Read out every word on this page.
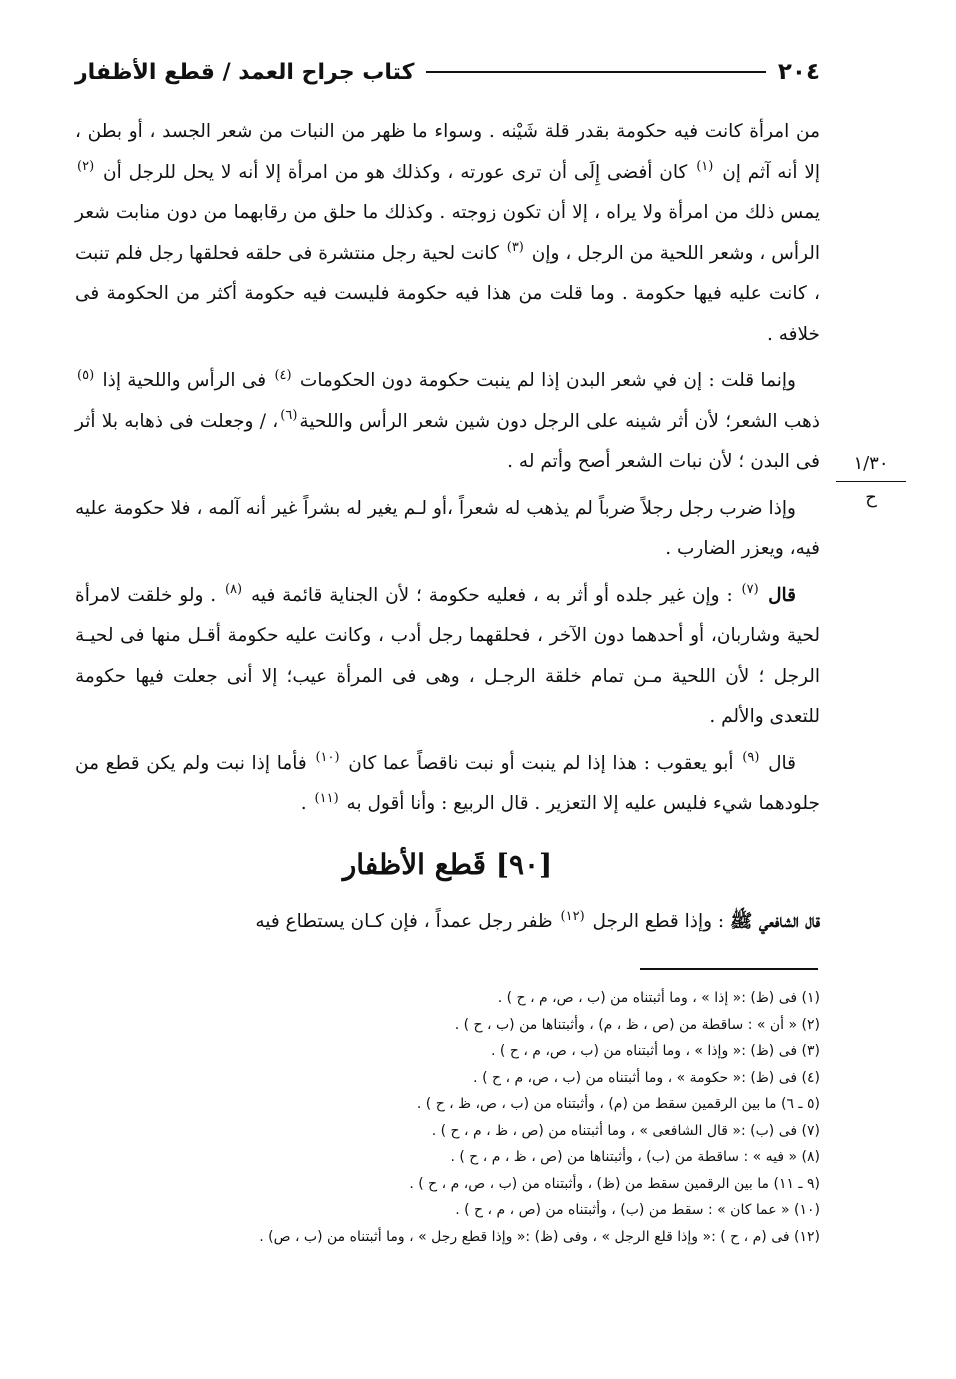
٢٠٤
كتاب جراح العمد / قطع الأظفار
١/٣٠
ح

من امرأة كانت فيه حكومة بقدر قلة شَيْنه . وسواء ما ظهر من النبات من شعر الجسد ، أو بطن ، إلا أنه آثم إن $^{(١)}$ كان أفضى إِلَى أن ترى عورته ، وكذلك هو من امرأة إلا أنه لا يحل للرجل أن $^{(٢)}$ يمس ذلك من امرأة ولا يراه ، إلا أن تكون زوجته . وكذلك ما حلق من رقابهما من دون منابت شعر الرأس ، وشعر اللحية من الرجل ، وإن $^{(٣)}$ كانت لحية رجل منتشرة فى حلقه فحلقها رجل فلم تنبت ، كانت عليه فيها حكومة . وما قلت من هذا فيه حكومة فليست فيه حكومة أكثر من الحكومة فى خلافه .

وإنما قلت : إن في شعر البدن إذا لم ينبت حكومة دون الحكومات $^{(٤)}$ فى الرأس واللحية إذا $^{(٥)}$ ذهب الشعر؛ لأن أثر شينه على الرجل دون شين شعر الرأس واللحية$^{(٦)}$، / وجعلت فى ذهابه بلا أثر فى البدن ؛ لأن نبات الشعر أصح وأتم له .

وإذا ضرب رجل رجلاً ضرباً لم يذهب له شعراً ،أو لـم يغير له بشراً غير أنه آلمه ، فلا حكومة عليه فيه، ويعزر الضارب .

قال $^{(٧)}$ : وإن غير جلده أو أثر به ، فعليه حكومة ؛ لأن الجناية قائمة فيه $^{(٨)}$ . ولو خلقت لامرأة لحية وشاربان، أو أحدهما دون الآخر ، فحلقهما رجل أدب ، وكانت عليه حكومة أقـل منها فى لحيـة الرجل ؛ لأن اللحية مـن تمام خلقة الرجـل ، وهى فى المرأة عيب؛ إلا أنى جعلت فيها حكومة للتعدى والألم .

قال $^{(٩)}$ أبو يعقوب : هذا إذا لم ينبت أو نبت ناقصاً عما كان $^{(١٠)}$ فأما إذا نبت ولم يكن قطع من جلودهما شيء فليس عليه إلا التعزير . قال الربيع : وأنا أقول به $^{(١١)}$ .

[٩٠] قَطع الأظفار
قال الشافعي ﷺ : وإذا قطع الرجل $^{(١٢)}$ ظفر رجل عمداً ، فإن كـان يستطاع فيه
(١) فى (ظ) :« إذا » ، وما أثبتناه من (ب ، ص، م ، ح ) .
(٢) « أن » : ساقطة من (ص ، ظ ، م) ، وأثبتناها من (ب ، ح ) .
(٣) فى (ظ) :« وإذا » ، وما أثبتناه من (ب ، ص، م ، ح ) .
(٤) فى (ظ) :« حكومة » ، وما أثبتناه من (ب ، ص، م ، ح ) .
(٥ ـ ٦) ما بين الرقمين سقط من (م) ، وأثبتناه من (ب ، ص، ظ ، ح ) .
(٧) فى (ب) :« قال الشافعى » ، وما أثبتناه من (ص ، ظ ، م ، ح ) .
(٨) « فيه » : ساقطة من (ب) ، وأثبتناها من (ص ، ظ ، م ، ح ) .
(٩ ـ ١١) ما بين الرقمين سقط من (ظ) ، وأثبتناه من (ب ، ص، م ، ح ) .
(١٠) « عما كان » : سقط من (ب) ، وأثبتناه من (ص ، م ، ح ) .
(١٢) فى (م ، ح ) :« وإذا قلع الرجل » ، وفى (ظ) :« وإذا قطع رجل » ، وما أثبتناه من (ب ، ص) .
